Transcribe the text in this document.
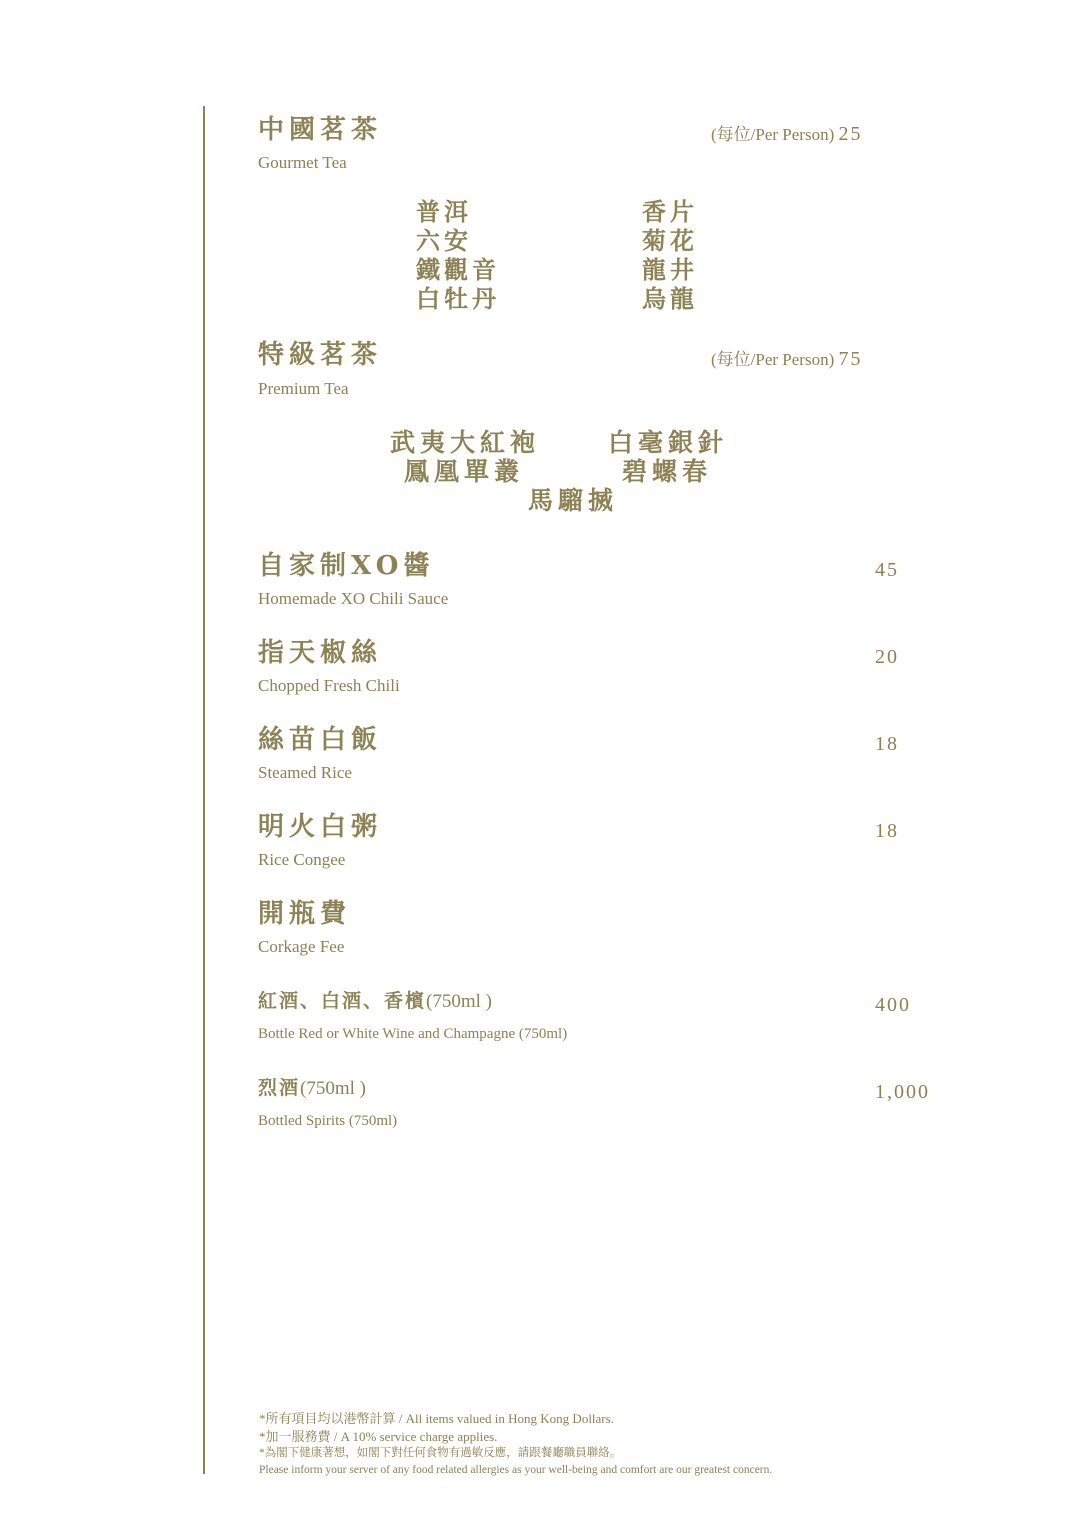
中國茗茶
Gourmet Tea
(每位/Per Person) 25
普洱
六安
鐵觀音
白牡丹
香片
菊花
龍井
烏龍
特級茗茶
Premium Tea
(每位/Per Person) 75
武夷大紅袍	白毫銀針
鳳凰單叢	碧螺春
馬騮搣
自家制XO醬
Homemade XO Chili Sauce
45
指天椒絲
Chopped Fresh Chili
20
絲苗白飯
Steamed Rice
18
明火白粥
Rice Congee
18
開瓶費
Corkage Fee
紅酒、白酒、香檳(750ml )
Bottle Red or White Wine and Champagne (750ml)
400
烈酒(750ml )
Bottled Spirits (750ml)
1,000
*所有項目均以港幣計算 / All items valued in Hong Kong Dollars.
*加一服務費 / A 10% service charge applies.
*為閣下健康著想，如閣下對任何食物有過敏反應，請跟餐廳職員聯絡。
Please inform your server of any food related allergies as your well-being and comfort are our greatest concern.
